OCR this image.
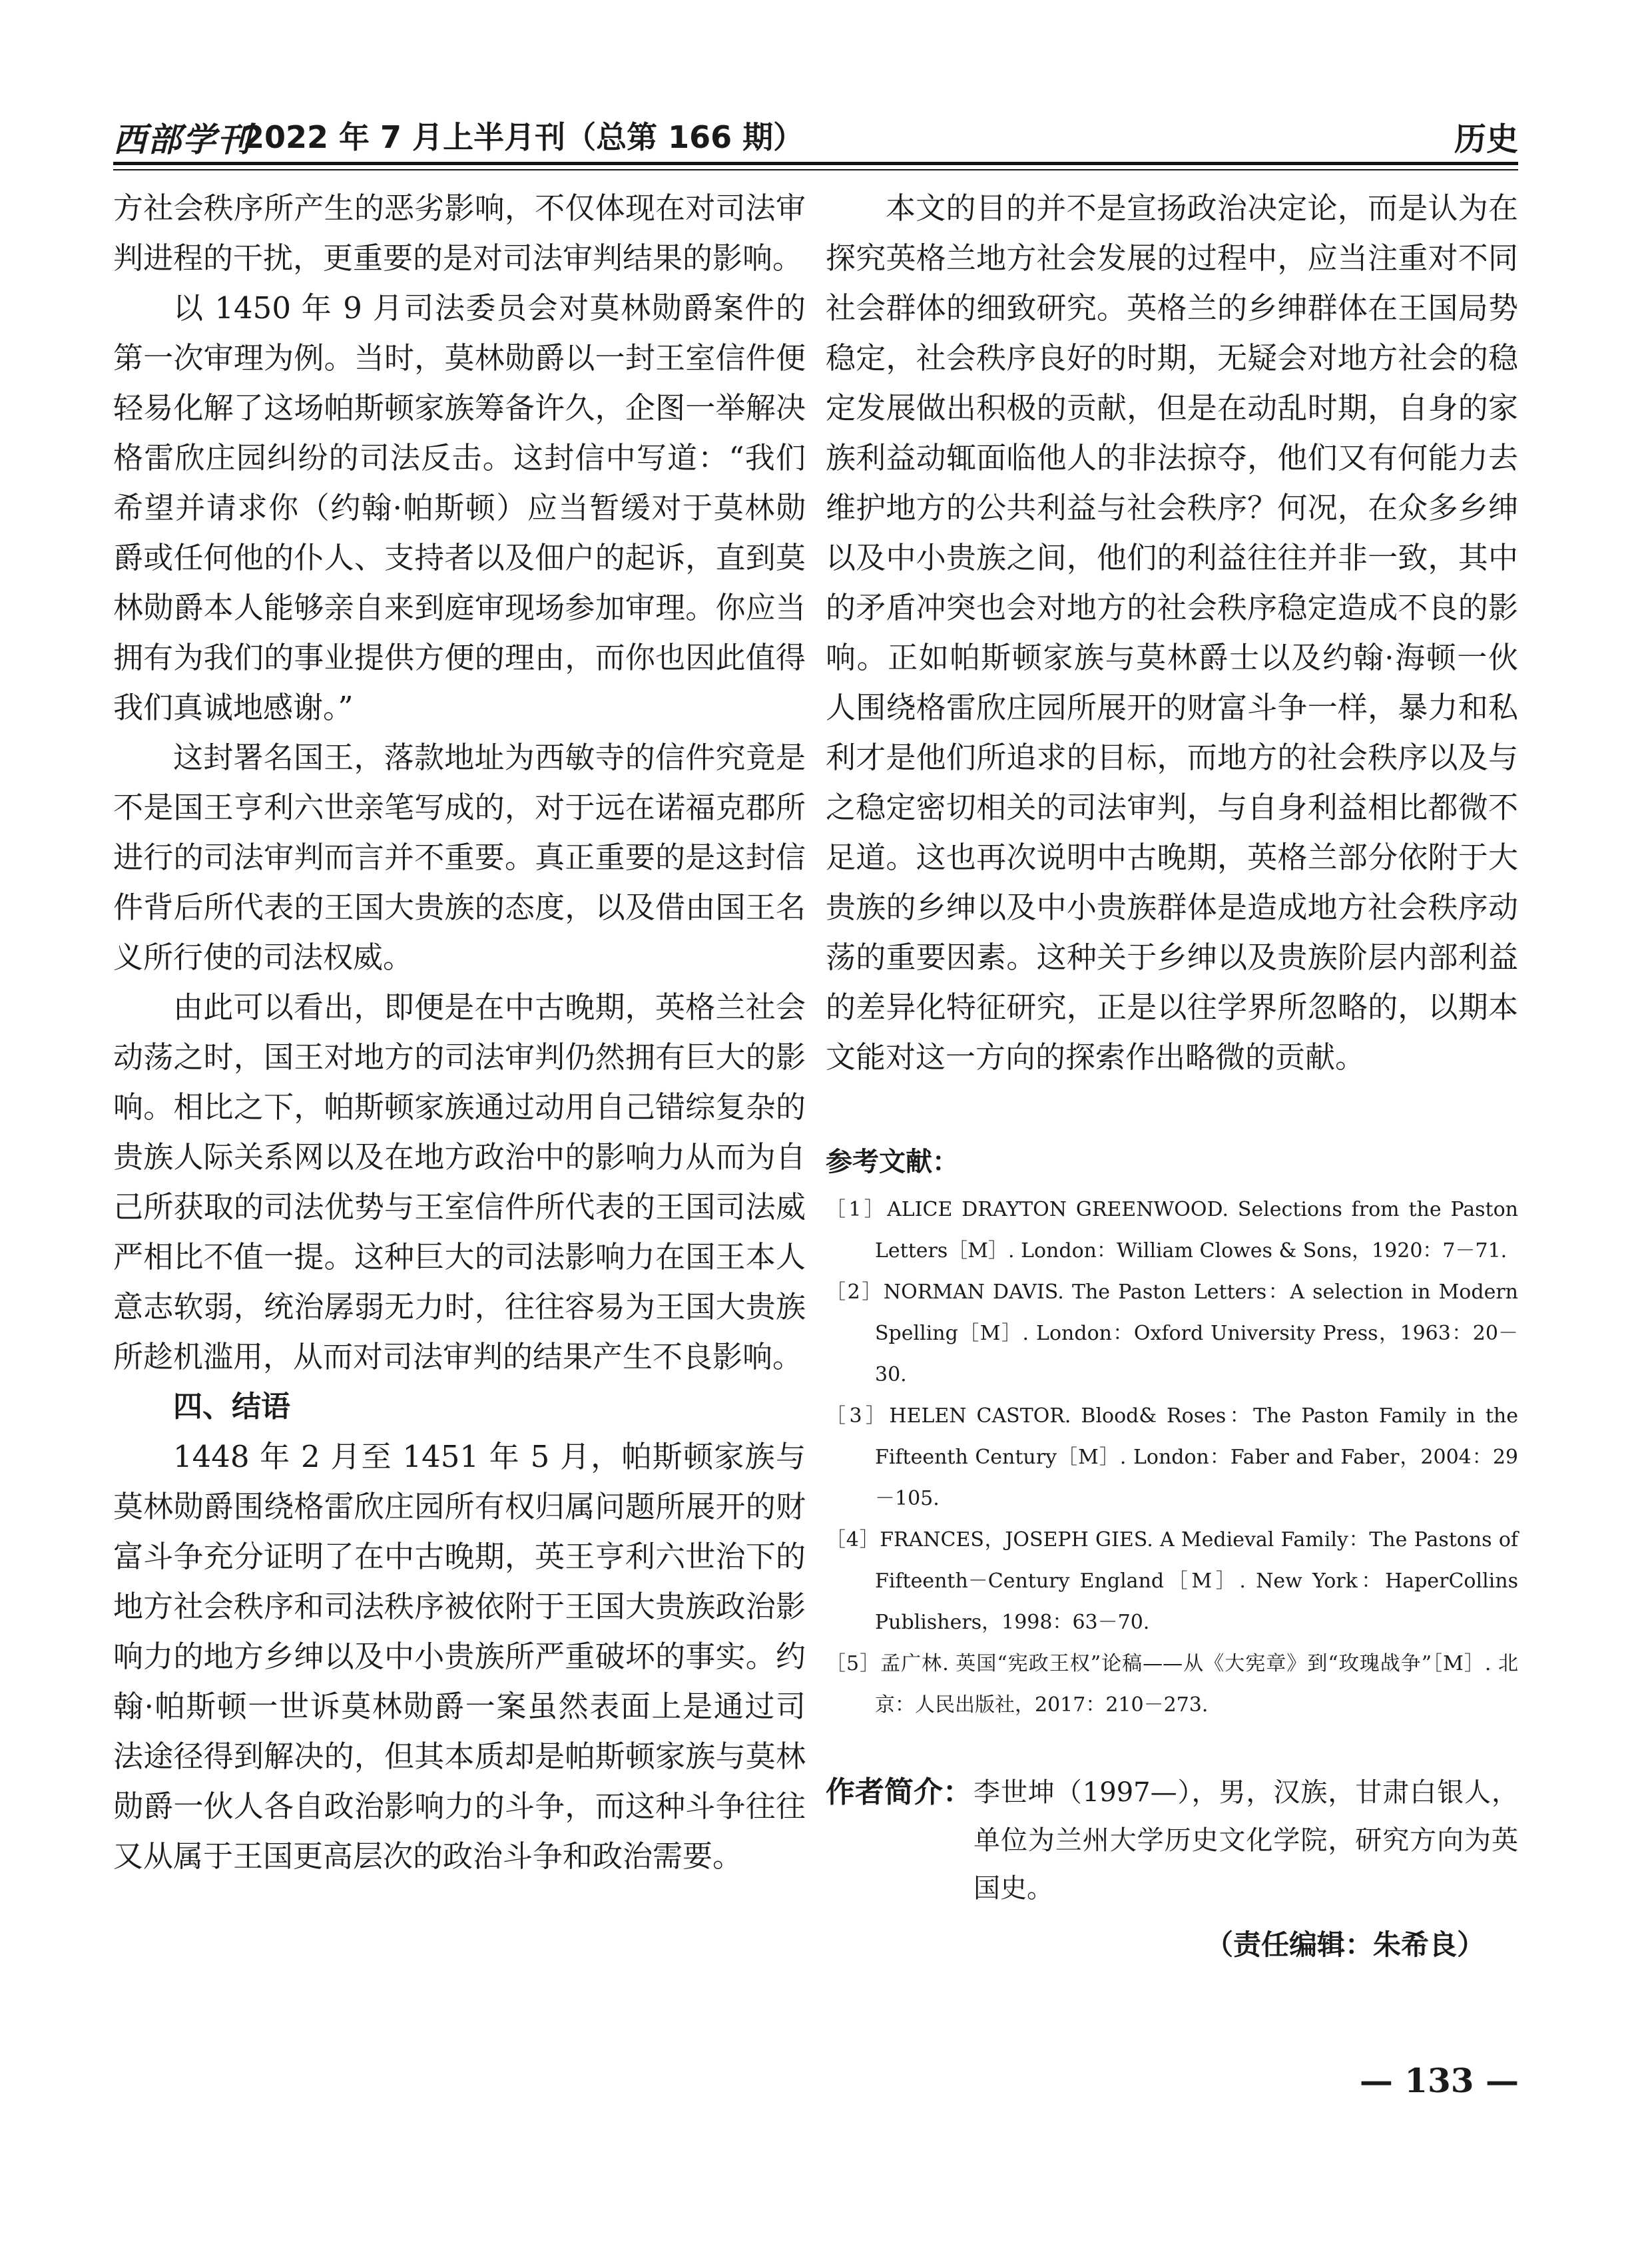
西部学刊
2022 年 7 月上半月刊（总第 166 期）	历史

方社会秩序所产生的恶劣影响，不仅体现在对司法审判进程的干扰，更重要的是对司法审判结果的影响。

以 1450 年 9 月司法委员会对莫林勋爵案件的第一次审理为例。当时，莫林勋爵以一封王室信件便轻易化解了这场帕斯顿家族筹备许久，企图一举解决格雷欣庄园纠纷的司法反击。这封信中写道：“我们希望并请求你（约翰·帕斯顿）应当暂缓对于莫林勋爵或任何他的仆人、支持者以及佃户的起诉，直到莫林勋爵本人能够亲自来到庭审现场参加审理。你应当拥有为我们的事业提供方便的理由，而你也因此值得我们真诚地感谢。”

这封署名国王，落款地址为西敏寺的信件究竟是不是国王亨利六世亲笔写成的，对于远在诺福克郡所进行的司法审判而言并不重要。真正重要的是这封信件背后所代表的王国大贵族的态度，以及借由国王名义所行使的司法权威。

由此可以看出，即便是在中古晚期，英格兰社会动荡之时，国王对地方的司法审判仍然拥有巨大的影响。相比之下，帕斯顿家族通过动用自己错综复杂的贵族人际关系网以及在地方政治中的影响力从而为自己所获取的司法优势与王室信件所代表的王国司法威严相比不值一提。这种巨大的司法影响力在国王本人意志软弱，统治孱弱无力时，往往容易为王国大贵族所趁机滥用，从而对司法审判的结果产生不良影响。

四、结语

1448 年 2 月至 1451 年 5 月，帕斯顿家族与莫林勋爵围绕格雷欣庄园所有权归属问题所展开的财富斗争充分证明了在中古晚期，英王亨利六世治下的地方社会秩序和司法秩序被依附于王国大贵族政治影响力的地方乡绅以及中小贵族所严重破坏的事实。约翰·帕斯顿一世诉莫林勋爵一案虽然表面上是通过司法途径得到解决的，但其本质却是帕斯顿家族与莫林勋爵一伙人各自政治影响力的斗争，而这种斗争往往又从属于王国更高层次的政治斗争和政治需要。

本文的目的并不是宣扬政治决定论，而是认为在探究英格兰地方社会发展的过程中，应当注重对不同社会群体的细致研究。英格兰的乡绅群体在王国局势稳定，社会秩序良好的时期，无疑会对地方社会的稳定发展做出积极的贡献，但是在动乱时期，自身的家族利益动辄面临他人的非法掠夺，他们又有何能力去维护地方的公共利益与社会秩序？何况，在众多乡绅以及中小贵族之间，他们的利益往往并非一致，其中的矛盾冲突也会对地方的社会秩序稳定造成不良的影响。正如帕斯顿家族与莫林爵士以及约翰·海顿一伙人围绕格雷欣庄园所展开的财富斗争一样，暴力和私利才是他们所追求的目标，而地方的社会秩序以及与之稳定密切相关的司法审判，与自身利益相比都微不足道。这也再次说明中古晚期，英格兰部分依附于大贵族的乡绅以及中小贵族群体是造成地方社会秩序动荡的重要因素。这种关于乡绅以及贵族阶层内部利益的差异化特征研究，正是以往学界所忽略的，以期本文能对这一方向的探索作出略微的贡献。

参考文献：

［1］ALICE DRAYTON GREENWOOD. Selections from the Paston Letters［M］. London：William Clowes & Sons，1920：7－71.

［2］NORMAN DAVIS. The Paston Letters：A selection in Modern Spelling［M］. London：Oxford University Press，1963：20－30.

［3］HELEN CASTOR. Blood& Roses：The Paston Family in the Fifteenth Century［M］. London：Faber and Faber，2004：29－105.

［4］FRANCES，JOSEPH GIES. A Medieval Family：The Pastons of Fifteenth－Century England［M］. New York：HaperCollins Publishers，1998：63－70.

［5］孟广林. 英国“宪政王权”论稿——从《大宪章》到“玫瑰战争”［M］. 北京：人民出版社，2017：210－273.

作者简介： 李世坤（1997—），男，汉族，甘肃白银人，单位为兰州大学历史文化学院，研究方向为英国史。
（责任编辑：朱希良）
— 133 —
